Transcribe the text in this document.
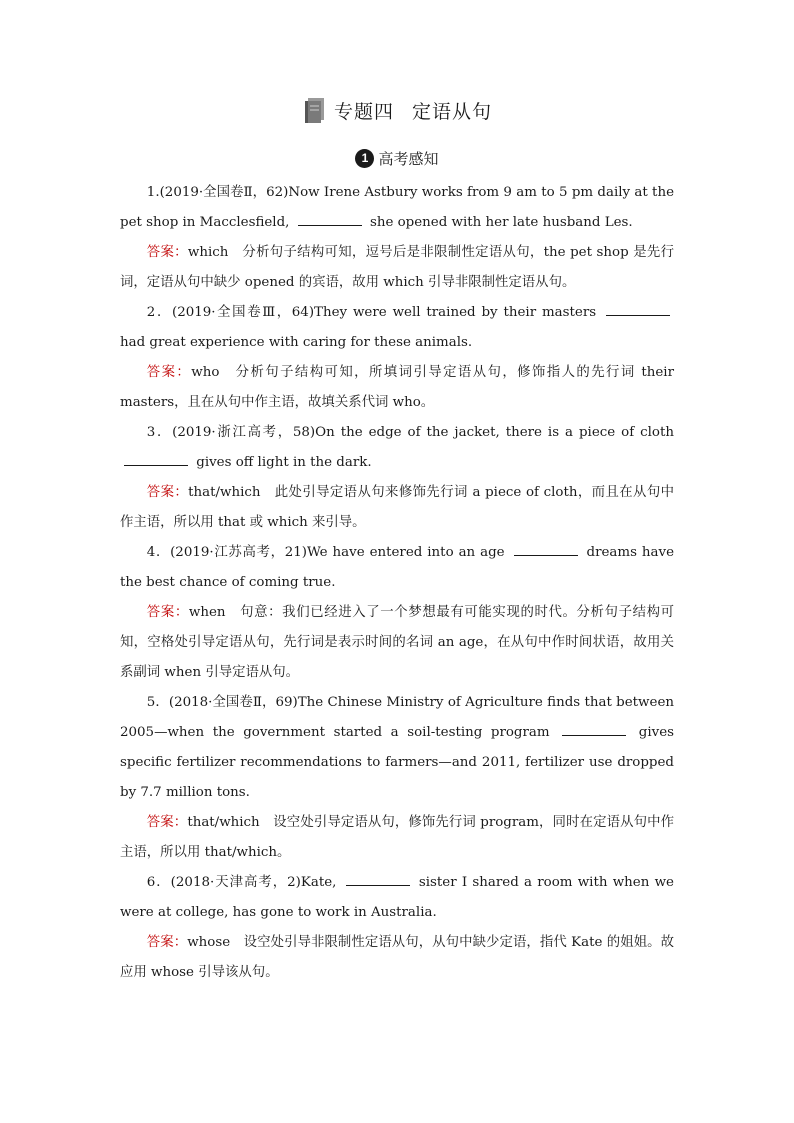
专题四 定语从句
1 高考感知

1.(2019·全国卷Ⅱ，62)Now Irene Astbury works from 9 am to 5 pm daily at the pet shop in Macclesfield,	she opened with her late husband Les.

答案：which　分析句子结构可知，逗号后是非限制性定语从句，the pet shop 是先行词，定语从句中缺少 opened 的宾语，故用 which 引导非限制性定语从句。

2．(2019·全国卷Ⅲ，64)They were well trained by their masters  had great experience with caring for these animals.

答案：who　分析句子结构可知，所填词引导定语从句，修饰指人的先行词 their masters，且在从句中作主语，故填关系代词 who。

3．(2019·浙江高考，58)On the edge of the jacket, there is a piece of cloth  gives off light in the dark.

答案：that/which　此处引导定语从句来修饰先行词 a piece of cloth，而且在从句中作主语，所以用 that 或 which 来引导。

4．(2019·江苏高考，21)We have entered into an age	dreams have the best chance of coming true.

答案：when　句意：我们已经进入了一个梦想最有可能实现的时代。分析句子结构可知，空格处引导定语从句，先行词是表示时间的名词 an age，在从句中作时间状语，故用关系副词 when 引导定语从句。

5．(2018·全国卷Ⅱ，69)The Chinese Ministry of Agriculture finds that between 2005—when the government started a soil-testing program	gives specific fertilizer recommendations to farmers—and 2011, fertilizer use dropped by 7.7 million tons.

答案：that/which　设空处引导定语从句，修饰先行词 program，同时在定语从句中作主语，所以用 that/which。

6．(2018·天津高考，2)Kate,	sister I shared a room with when we were at college, has gone to work in Australia.

答案：whose　设空处引导非限制性定语从句，从句中缺少定语，指代 Kate 的姐姐。故应用 whose 引导该从句。
